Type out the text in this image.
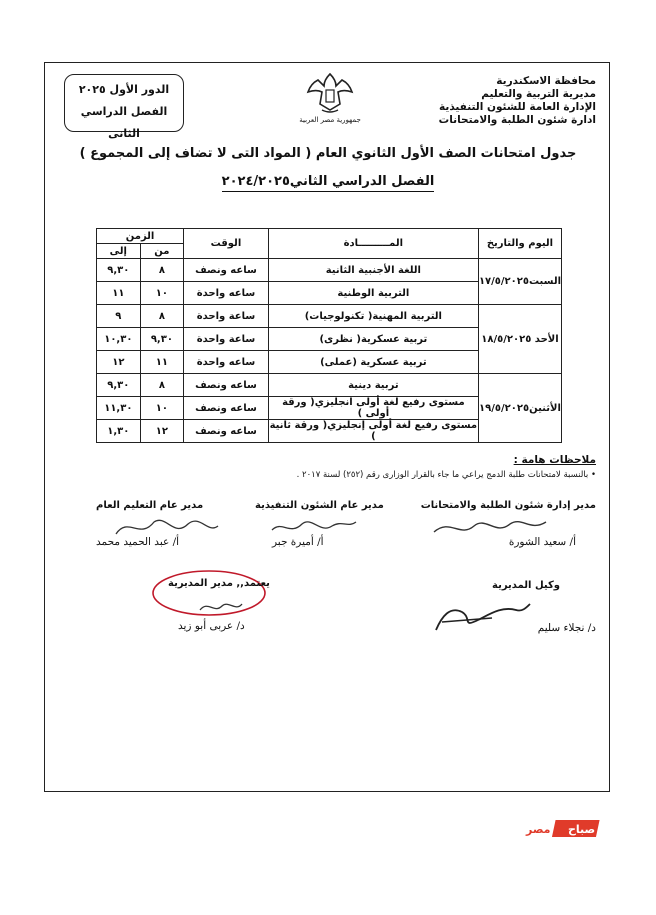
محافظة الاسكندرية
مديرية التربية والتعليم
الإدارة العامة للشئون التنفيذية
ادارة شئون الطلبة والامتحانات
جمهورية مصر العربية
الدور الأول ٢٠٢٥
الفصل الدراسي الثانى
جدول امتحانات الصف الأول الثانوي العام ( المواد التى لا تضاف إلى المجموع )
الفصل الدراسي الثاني٢٠٢٤/٢٠٢٥
اليوم والتاريخ	المـــــــــادة	الوقت	الزمن	
			من	إلى
السبت١٧/٥/٢٠٢٥	اللغة الأجنبية الثانية	ساعه ونصف	٨	٩,٣٠
	التربية الوطنية	ساعه واحدة	١٠	١١
الأحد ١٨/٥/٢٠٢٥	التربية المهنية( تكنولوجيات)	ساعة واحدة	٨	٩
	تربية عسكرية( نظرى)	ساعة واحدة	٩,٣٠	١٠,٣٠
	تربية عسكرية (عملى)	ساعه واحدة	١١	١٢
الأثنين١٩/٥/٢٠٢٥	تربية دينية	ساعه ونصف	٨	٩,٣٠
	مستوى رفيع لغة أولى انجليزي( ورقة أولى )	ساعه ونصف	١٠	١١,٣٠
	مستوى رفيع لغة أولى إنجليزي( ورقة ثانية )	ساعه ونصف	١٢	١,٣٠
ملاحظات هامة :
• بالنسبة لامتحانات طلبة الدمج يراعي ما جاء بالقرار الوزارى رقم (٢٥٢) لسنة ٢٠١٧ .
مدير إدارة شئون الطلبة والامتحانات
مدير عام الشئون التنفيذية
مدير عام التعليم العام
أ/ سعيد الشورة
أ/ أميرة جبر
أ/ عبد الحميد محمد
وكيل المديرية
د/ نجلاء سليم
يعتمد,, مدير المديرية
د/ عربى أبو زيد
صباح
مصر
